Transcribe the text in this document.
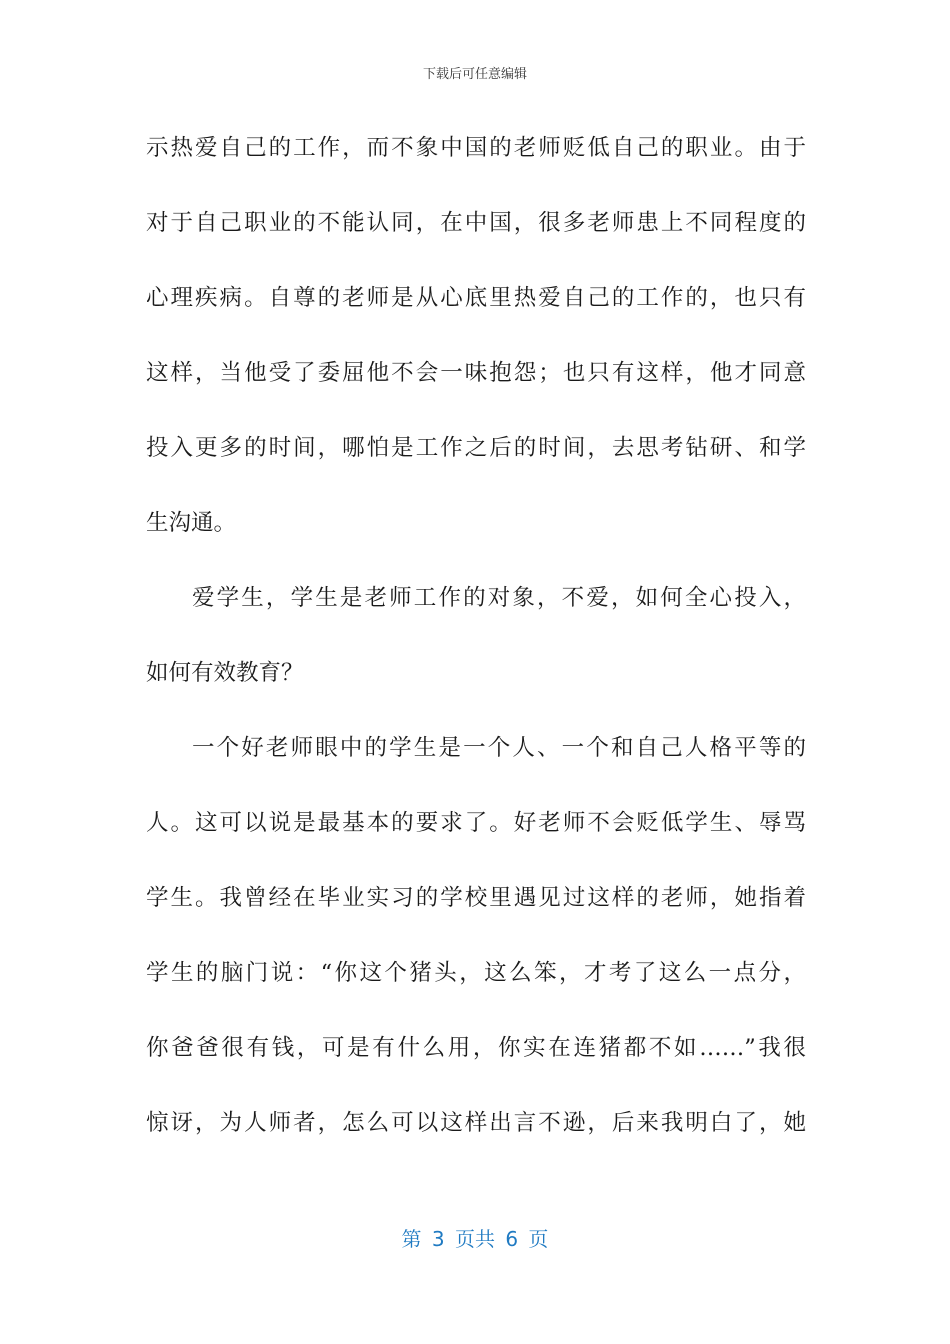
下载后可任意编辑
示热爱自己的工作，而不象中国的老师贬低自己的职业。由于
对于自己职业的不能认同，在中国，很多老师患上不同程度的
心理疾病。自尊的老师是从心底里热爱自己的工作的，也只有
这样，当他受了委屈他不会一味抱怨；也只有这样，他才同意
投入更多的时间，哪怕是工作之后的时间，去思考钻研、和学
生沟通。
爱学生，学生是老师工作的对象，不爱，如何全心投入，
如何有效教育？
一个好老师眼中的学生是一个人、一个和自己人格平等的
人。这可以说是最基本的要求了。好老师不会贬低学生、辱骂
学生。我曾经在毕业实习的学校里遇见过这样的老师，她指着
学生的脑门说：“你这个猪头，这么笨，才考了这么一点分，
你爸爸很有钱，可是有什么用，你实在连猪都不如……”我很
惊讶，为人师者，怎么可以这样出言不逊，后来我明白了，她
第 3 页共 6 页
